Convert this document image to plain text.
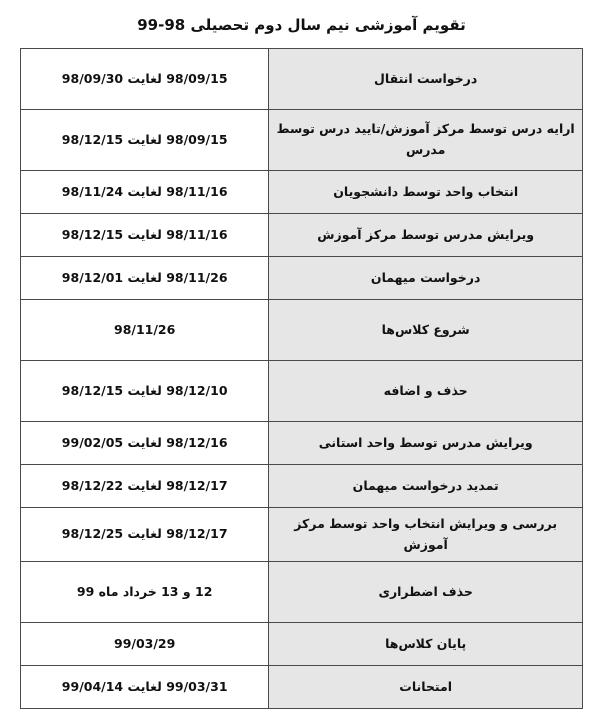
تقویم آموزشی نیم سال دوم تحصیلی 98-99
درخواست انتقال	98/09/15 لغایت 98/09/30
ارایه درس توسط مرکز آموزش/تایید درس توسط مدرس	98/09/15 لغایت 98/12/15
انتخاب واحد توسط دانشجویان	98/11/16 لغایت 98/11/24
ویرایش مدرس توسط مرکز آموزش	98/11/16 لغایت 98/12/15
درخواست میهمان	98/11/26 لغایت 98/12/01
شروع کلاس‌ها	98/11/26
حذف و اضافه	98/12/10 لغایت 98/12/15
ویرایش مدرس توسط واحد استانی	98/12/16 لغایت 99/02/05
تمدید درخواست میهمان	98/12/17 لغایت 98/12/22
بررسی و ویرایش انتخاب واحد توسط مرکز آموزش	98/12/17 لغایت 98/12/25
حذف اضطراری	12 و 13 خرداد ماه 99
پایان کلاس‌ها	99/03/29
امتحانات	99/03/31 لغایت 99/04/14
